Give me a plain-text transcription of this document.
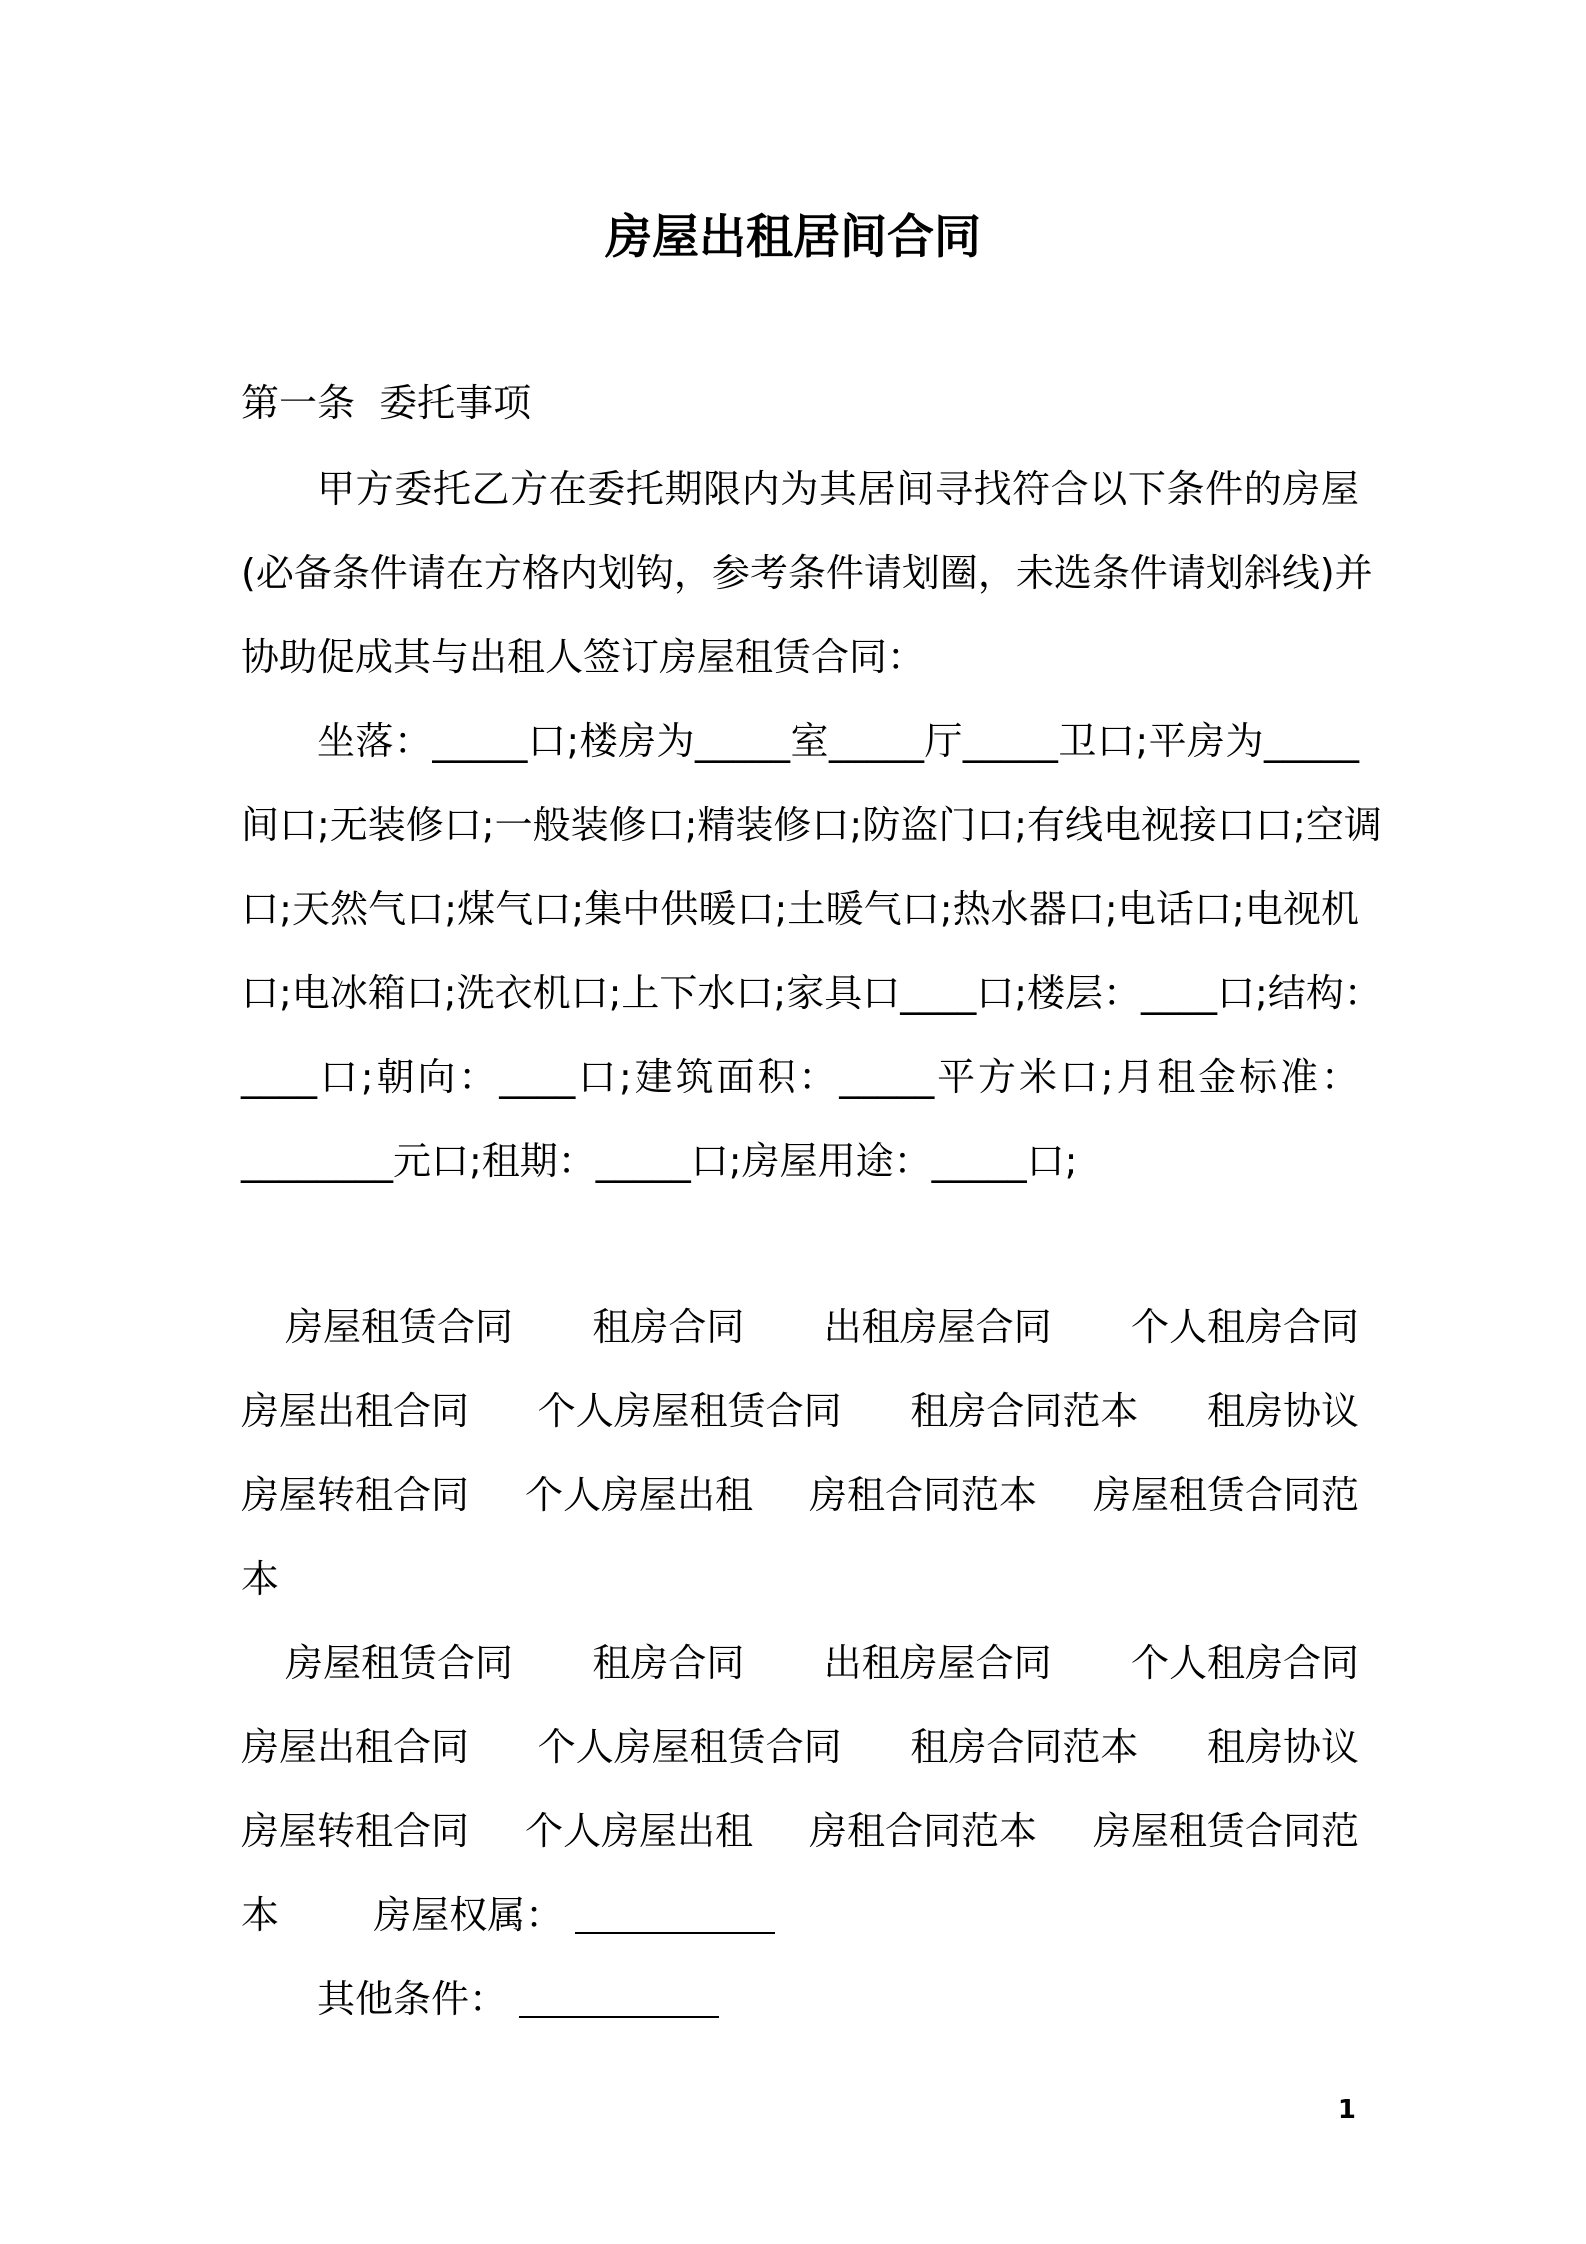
房屋出租居间合同
第一条  委托事项
甲方委托乙方在委托期限内为其居间寻找符合以下条件的房屋
(必备条件请在方格内划钩，参考条件请划圈，未选条件请划斜线)并
协助促成其与出租人签订房屋租赁合同：
坐落：_____口;楼房为_____室_____厅_____卫口;平房为_____
间口;无装修口;一般装修口;精装修口;防盗门口;有线电视接口口;空调
口;天然气口;煤气口;集中供暖口;土暖气口;热水器口;电话口;电视机
口;电冰箱口;洗衣机口;上下水口;家具口____口;楼层：____口;结构：
____口;朝向：____口;建筑面积：_____平方米口;月租金标准：
________元口;租期：_____口;房屋用途：_____口;
房屋租赁合同 租房合同 出租房屋合同 个人租房合同
房屋出租合同 个人房屋租赁合同 租房合同范本 租房协议
房屋转租合同 个人房屋出租 房租合同范本 房屋租赁合同范
本
房屋租赁合同 租房合同 出租房屋合同 个人租房合同
房屋出租合同 个人房屋租赁合同 租房合同范本 租房协议
房屋转租合同 个人房屋出租 房租合同范本 房屋租赁合同范
本 房屋权属：
其他条件：
1
